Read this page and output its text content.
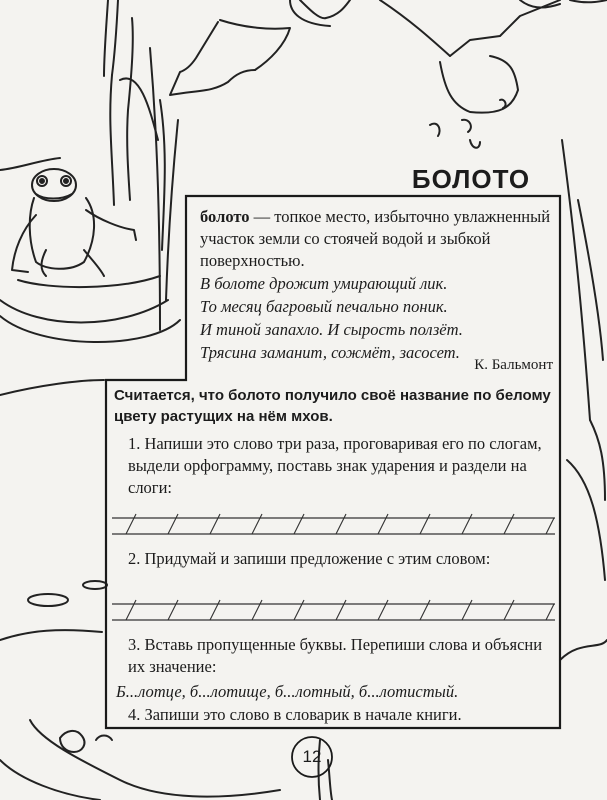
БОЛОТО
болото — топкое место, избыточно увлажненный участок земли со стоячей водой и зыбкой поверхностью.
В болоте дрожит умирающий лик.
То месяц багровый печально поник.
И тиной запахло. И сырость ползёт.
Трясина заманит, сожмёт, засосет.
К. Бальмонт
Считается, что болото получило своё название по белому цвету растущих на нём мхов.
1. Напиши это слово три раза, проговаривая его по слогам, выдели орфограмму, поставь знак ударения и раздели на слоги:
2. Придумай и запиши предложение с этим словом:
3. Вставь пропущенные буквы. Перепиши слова и объясни их значение:
Б...лотце, б...лотище, б...лотный, б...лотистый.
4. Запиши это слово в словарик в начале книги.
12
